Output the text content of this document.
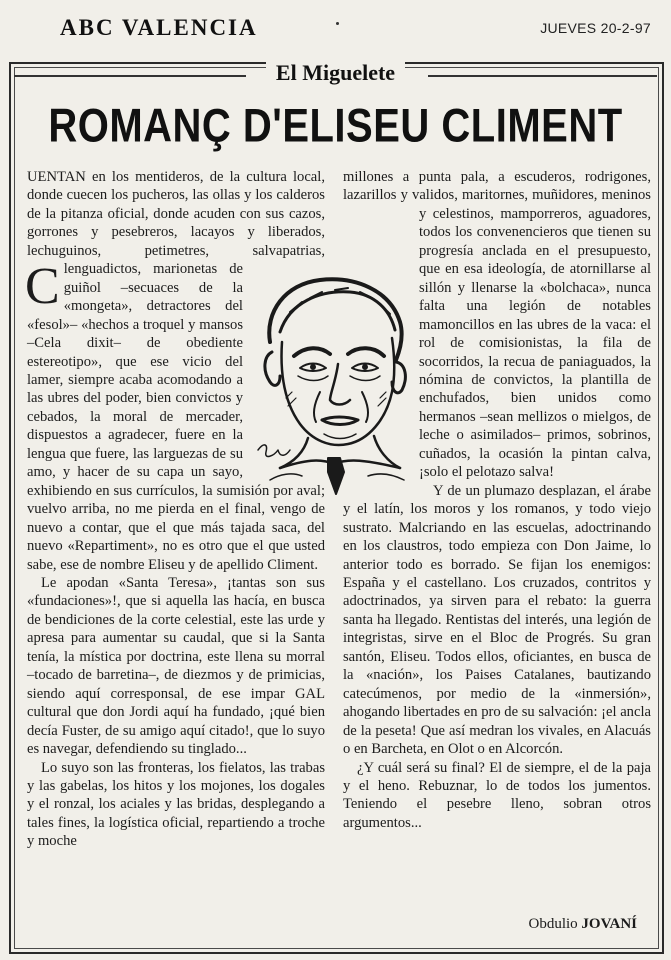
ABC VALENCIA	JUEVES 20-2-97
El Miguelete
ROMANÇ D'ELISEU CLIMENT

C
UENTAN en los mentideros, de la cultura local, donde cuecen los pucheros, las ollas y los calderos de la pitanza oficial, donde acuden con sus cazos, gorrones y pesebreros, lacayos y liberados, lechuguinos, petimetres, salvapatrias, lenguadictos, marionetas de guiñol –secuaces de la «mongeta», detractores del «fesol»– «hechos a troquel y mansos –Cela dixit– de obediente estereotipo», que ese vicio del lamer, siempre acaba acomodando a las ubres del poder, bien convictos y cebados, la moral de mercader, dispuestos a agradecer, fuere en la lengua que fuere, las larguezas de su amo, y hacer de su capa un sayo, exhibiendo en sus currículos, la sumisión por aval; vuelvo arriba, no me pierda en el final, vengo de nuevo a contar, que el que más tajada saca, del nuevo «Repartiment», no es otro que el que usted sabe, ese de nombre Eliseu y de apellido Climent.

Le apodan «Santa Teresa», ¡tantas son sus «fundaciones»!, que si aquella las hacía, en busca de bendiciones de la corte celestial, este las urde y apresa para aumentar su caudal, que si la Santa tenía, la mística por doctrina, este llena su morral –tocado de barretina–, de diezmos y de primicias, siendo aquí corresponsal, de ese impar GAL cultural que don Jordi aquí ha fundado, ¡qué bien decía Fuster, de su amigo aquí citado!, que lo suyo es navegar, defendiendo su tinglado...

Lo suyo son las fronteras, los fielatos, las trabas y las gabelas, los hitos y los mojones, los dogales y el ronzal, los aciales y las bridas, desplegando a tales fines, la logística oficial, repartiendo a troche y moche

millones a punta pala, a escuderos, rodrigones, lazarillos y validos, maritornes, muñidores, meninos y celestinos, mamporreros, aguadores, todos los convenencieros que tienen su progresía anclada en el presupuesto, que en esa ideología, de atornillarse al sillón y llenarse la «bolchaca», nunca falta una legión de notables mamoncillos en las ubres de la vaca: el rol de comisionistas, la fila de socorridos, la recua de paniaguados, la nómina de convictos, la plantilla de enchufados, bien unidos como hermanos –sean mellizos o mielgos, de leche o asimilados– primos, sobrinos, cuñados, la ocasión la pintan calva, ¡solo el pelotazo salva!

Y de un plumazo desplazan, el árabe y el latín, los moros y los romanos, y todo viejo sustrato. Malcriando en las escuelas, adoctrinando en los claustros, todo empieza con Don Jaime, lo anterior todo es borrado. Se fijan los enemigos: España y el castellano. Los cruzados, contritos y adoctrinados, ya sirven para el rebato: la guerra santa ha llegado. Rentistas del interés, una legión de integristas, sirve en el Bloc de Progrés. Su gran santón, Eliseu. Todos ellos, oficiantes, en busca de la «nación», los Paises Catalanes, bautizando catecúmenos, por medio de la «inmersión», ahogando libertades en pro de su salvación: ¡el ancla de la peseta! Que así medran los vivales, en Alacuás o en Barcheta, en Olot o en Alcorcón.

¿Y cuál será su final? El de siempre, el de la paja y el heno. Rebuznar, lo de todos los jumentos. Teniendo el pesebre lleno, sobran otros argumentos...

Obdulio JOVANÍ
